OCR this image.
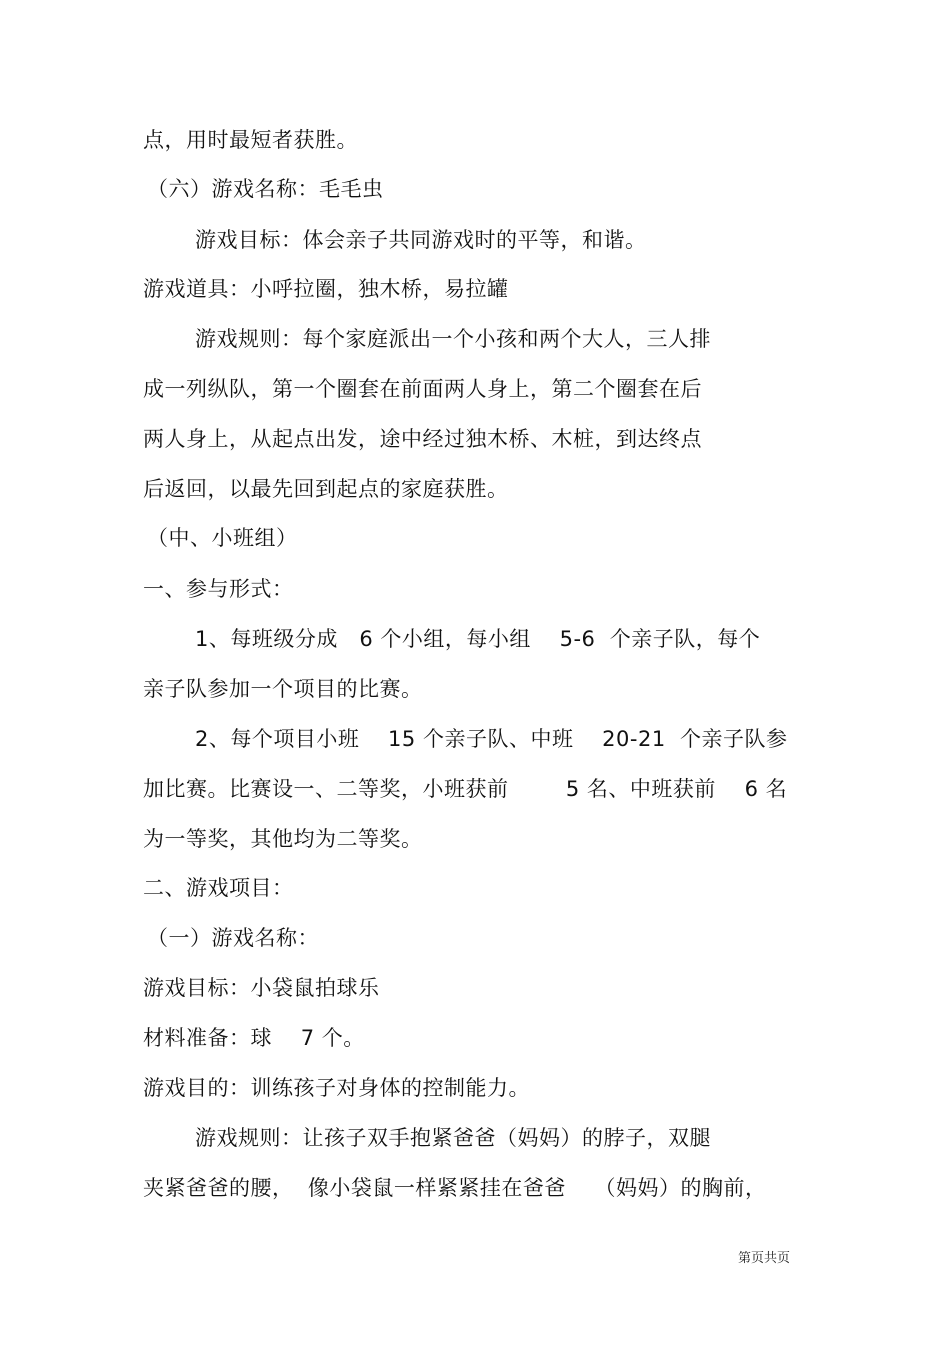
点，用时最短者获胜。
（六）游戏名称：毛毛虫
游戏目标：体会亲子共同游戏时的平等，和谐。
游戏道具：小呼拉圈，独木桥，易拉罐
游戏规则：每个家庭派出一个小孩和两个大人，三人排
成一列纵队，第一个圈套在前面两人身上，第二个圈套在后
两人身上，从起点出发，途中经过独木桥、木桩，到达终点
后返回，以最先回到起点的家庭获胜。
（中、小班组）
一、参与形式：
1、每班级分成   6 个小组，每小组    5-6  个亲子队，每个
亲子队参加一个项目的比赛。
2、每个项目小班    15 个亲子队、中班    20-21  个亲子队参
加比赛。比赛设一、二等奖，小班获前        5 名、中班获前    6 名
为一等奖，其他均为二等奖。
二、游戏项目：
（一）游戏名称：
游戏目标：小袋鼠拍球乐
材料准备：球    7 个。
游戏目的：训练孩子对身体的控制能力。
游戏规则：让孩子双手抱紧爸爸（妈妈）的脖子，双腿
夹紧爸爸的腰，  像小袋鼠一样紧紧挂在爸爸    （妈妈）的胸前，
第页共页
